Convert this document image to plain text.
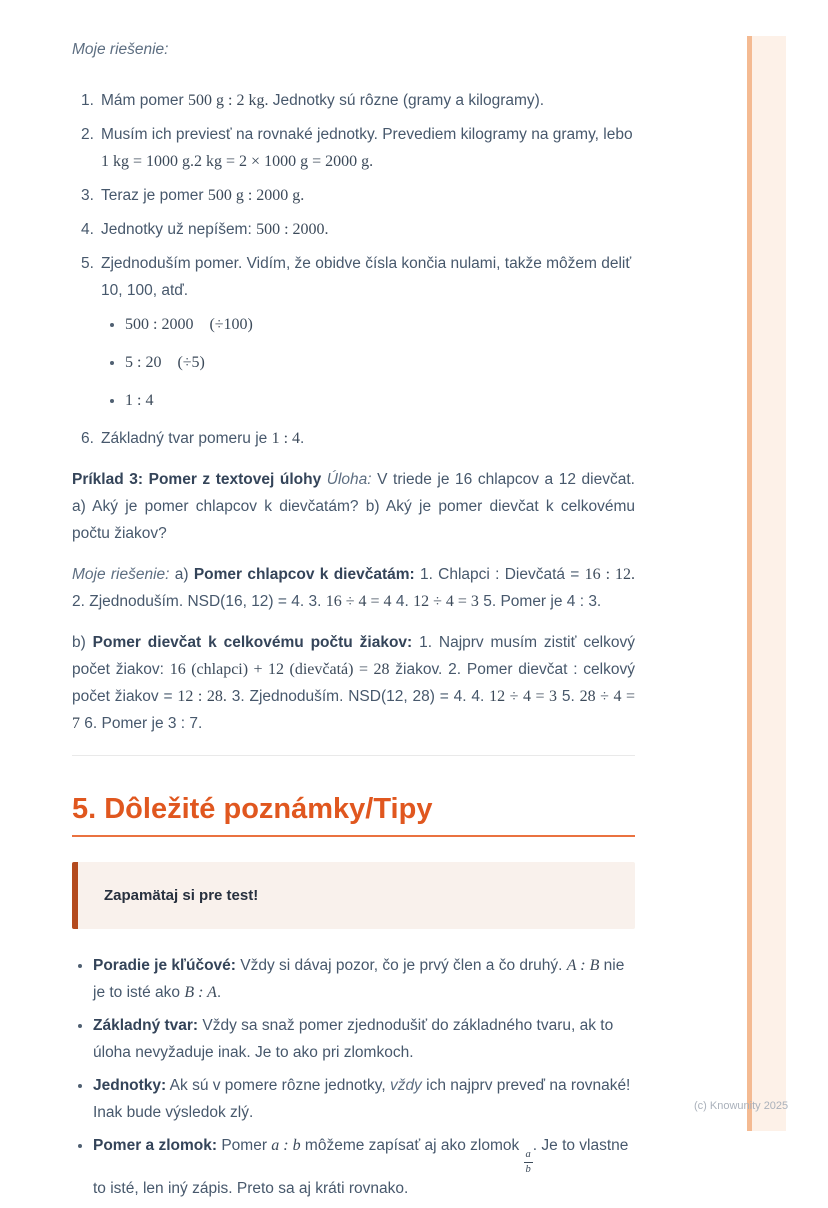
Moje riešenie:

1. Mám pomer 500 g : 2 kg. Jednotky sú rôzne (gramy a kilogramy).
2. Musím ich previesť na rovnaké jednotky. Prevediem kilogramy na gramy, lebo 1 kg = 1000 g.2 kg = 2 × 1000 g = 2000 g.
3. Teraz je pomer 500 g : 2000 g.
4. Jednotky už nepíšem: 500 : 2000.
5. Zjednoduším pomer. Vidím, že obidve čísla končia nulami, takže môžem deliť 10, 100, atď.
500 : 2000  (÷100)
5 : 20  (÷5)
1 : 4
6. Základný tvar pomeru je 1 : 4.

Príklad 3: Pomer z textovej úlohy Úloha: V triede je 16 chlapcov a 12 dievčat. a) Aký je pomer chlapcov k dievčatám? b) Aký je pomer dievčat k celkovému počtu žiakov?

Moje riešenie: a) Pomer chlapcov k dievčatám: 1. Chlapci : Dievčatá = 16 : 12. 2. Zjednoduším. NSD(16, 12) = 4. 3. 16 ÷ 4 = 4 4. 12 ÷ 4 = 3 5. Pomer je 4 : 3.

b) Pomer dievčat k celkovému počtu žiakov: 1. Najprv musím zistiť celkový počet žiakov: 16 (chlapci) + 12 (dievčatá) = 28 žiakov. 2. Pomer dievčat : celkový počet žiakov = 12 : 28. 3. Zjednoduším. NSD(12, 28) = 4. 4. 12 ÷ 4 = 3 5. 28 ÷ 4 = 7 6. Pomer je 3 : 7.

5. Dôležité poznámky/Tipy
Zapamätaj si pre test!
Poradie je kľúčové: Vždy si dávaj pozor, čo je prvý člen a čo druhý. A : B nie je to isté ako B : A.
Základný tvar: Vždy sa snaž pomer zjednodušiť do základného tvaru, ak to úloha nevyžaduje inak. Je to ako pri zlomkoch.
Jednotky: Ak sú v pomere rôzne jednotky, vždy ich najprv preveď na rovnaké! Inak bude výsledok zlý.
Pomer a zlomok: Pomer a : b môžeme zapísať aj ako zlomok
$\frac{a}{b}$
. Je to vlastne to isté, len iný zápis. Preto sa aj kráti rovnako.
(c) Knowunity 2025
